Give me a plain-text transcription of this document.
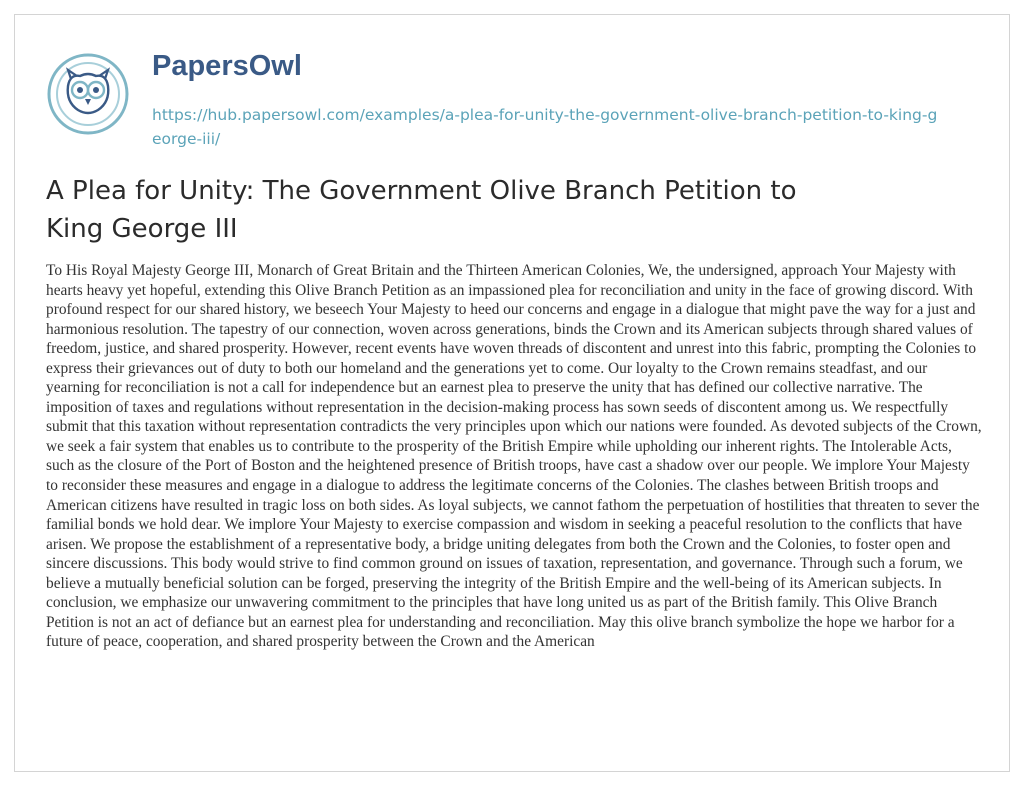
PapersOwl
https://hub.papersowl.com/examples/a-plea-for-unity-the-government-olive-branch-petition-to-king-george-iii/
A Plea for Unity: The Government Olive Branch Petition to King George III

To His Royal Majesty George III, Monarch of Great Britain and the Thirteen American Colonies, We, the undersigned, approach Your Majesty with hearts heavy yet hopeful, extending this Olive Branch Petition as an impassioned plea for reconciliation and unity in the face of growing discord. With profound respect for our shared history, we beseech Your Majesty to heed our concerns and engage in a dialogue that might pave the way for a just and harmonious resolution. The tapestry of our connection, woven across generations, binds the Crown and its American subjects through shared values of freedom, justice, and shared prosperity. However, recent events have woven threads of discontent and unrest into this fabric, prompting the Colonies to express their grievances out of duty to both our homeland and the generations yet to come. Our loyalty to the Crown remains steadfast, and our yearning for reconciliation is not a call for independence but an earnest plea to preserve the unity that has defined our collective narrative. The imposition of taxes and regulations without representation in the decision-making process has sown seeds of discontent among us. We respectfully submit that this taxation without representation contradicts the very principles upon which our nations were founded. As devoted subjects of the Crown, we seek a fair system that enables us to contribute to the prosperity of the British Empire while upholding our inherent rights. The Intolerable Acts, such as the closure of the Port of Boston and the heightened presence of British troops, have cast a shadow over our people. We implore Your Majesty to reconsider these measures and engage in a dialogue to address the legitimate concerns of the Colonies. The clashes between British troops and American citizens have resulted in tragic loss on both sides. As loyal subjects, we cannot fathom the perpetuation of hostilities that threaten to sever the familial bonds we hold dear. We implore Your Majesty to exercise compassion and wisdom in seeking a peaceful resolution to the conflicts that have arisen. We propose the establishment of a representative body, a bridge uniting delegates from both the Crown and the Colonies, to foster open and sincere discussions. This body would strive to find common ground on issues of taxation, representation, and governance. Through such a forum, we believe a mutually beneficial solution can be forged, preserving the integrity of the British Empire and the well-being of its American subjects. In conclusion, we emphasize our unwavering commitment to the principles that have long united us as part of the British family. This Olive Branch Petition is not an act of defiance but an earnest plea for understanding and reconciliation. May this olive branch symbolize the hope we harbor for a future of peace, cooperation, and shared prosperity between the Crown and the American
